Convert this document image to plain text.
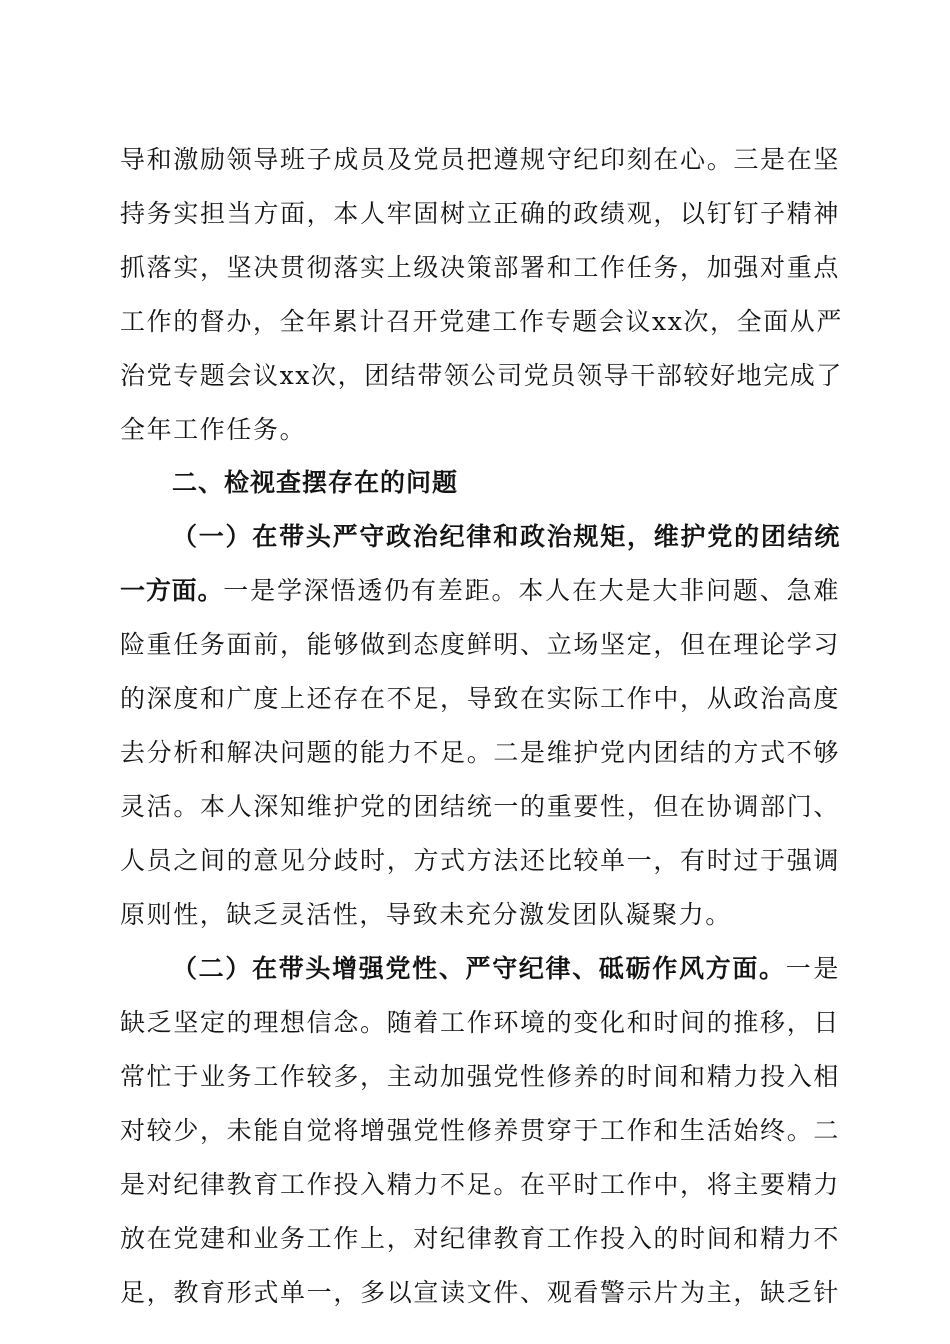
导和激励领导班子成员及党员把遵规守纪印刻在心。三是在坚
持务实担当方面，本人牢固树立正确的政绩观，以钉钉子精神
抓落实，坚决贯彻落实上级决策部署和工作任务，加强对重点
工作的督办，全年累计召开党建工作专题会议xx次，全面从严
治党专题会议xx次，团结带领公司党员领导干部较好地完成了
全年工作任务。
二、检视查摆存在的问题
（一）在带头严守政治纪律和政治规矩，维护党的团结统
一方面。一是学深悟透仍有差距。本人在大是大非问题、急难
险重任务面前，能够做到态度鲜明、立场坚定，但在理论学习
的深度和广度上还存在不足，导致在实际工作中，从政治高度
去分析和解决问题的能力不足。二是维护党内团结的方式不够
灵活。本人深知维护党的团结统一的重要性，但在协调部门、
人员之间的意见分歧时，方式方法还比较单一，有时过于强调
原则性，缺乏灵活性，导致未充分激发团队凝聚力。
（二）在带头增强党性、严守纪律、砥砺作风方面。一是
缺乏坚定的理想信念。随着工作环境的变化和时间的推移，日
常忙于业务工作较多，主动加强党性修养的时间和精力投入相
对较少，未能自觉将增强党性修养贯穿于工作和生活始终。二
是对纪律教育工作投入精力不足。在平时工作中，将主要精力
放在党建和业务工作上，对纪律教育工作投入的时间和精力不
足，教育形式单一，多以宣读文件、观看警示片为主，缺乏针
